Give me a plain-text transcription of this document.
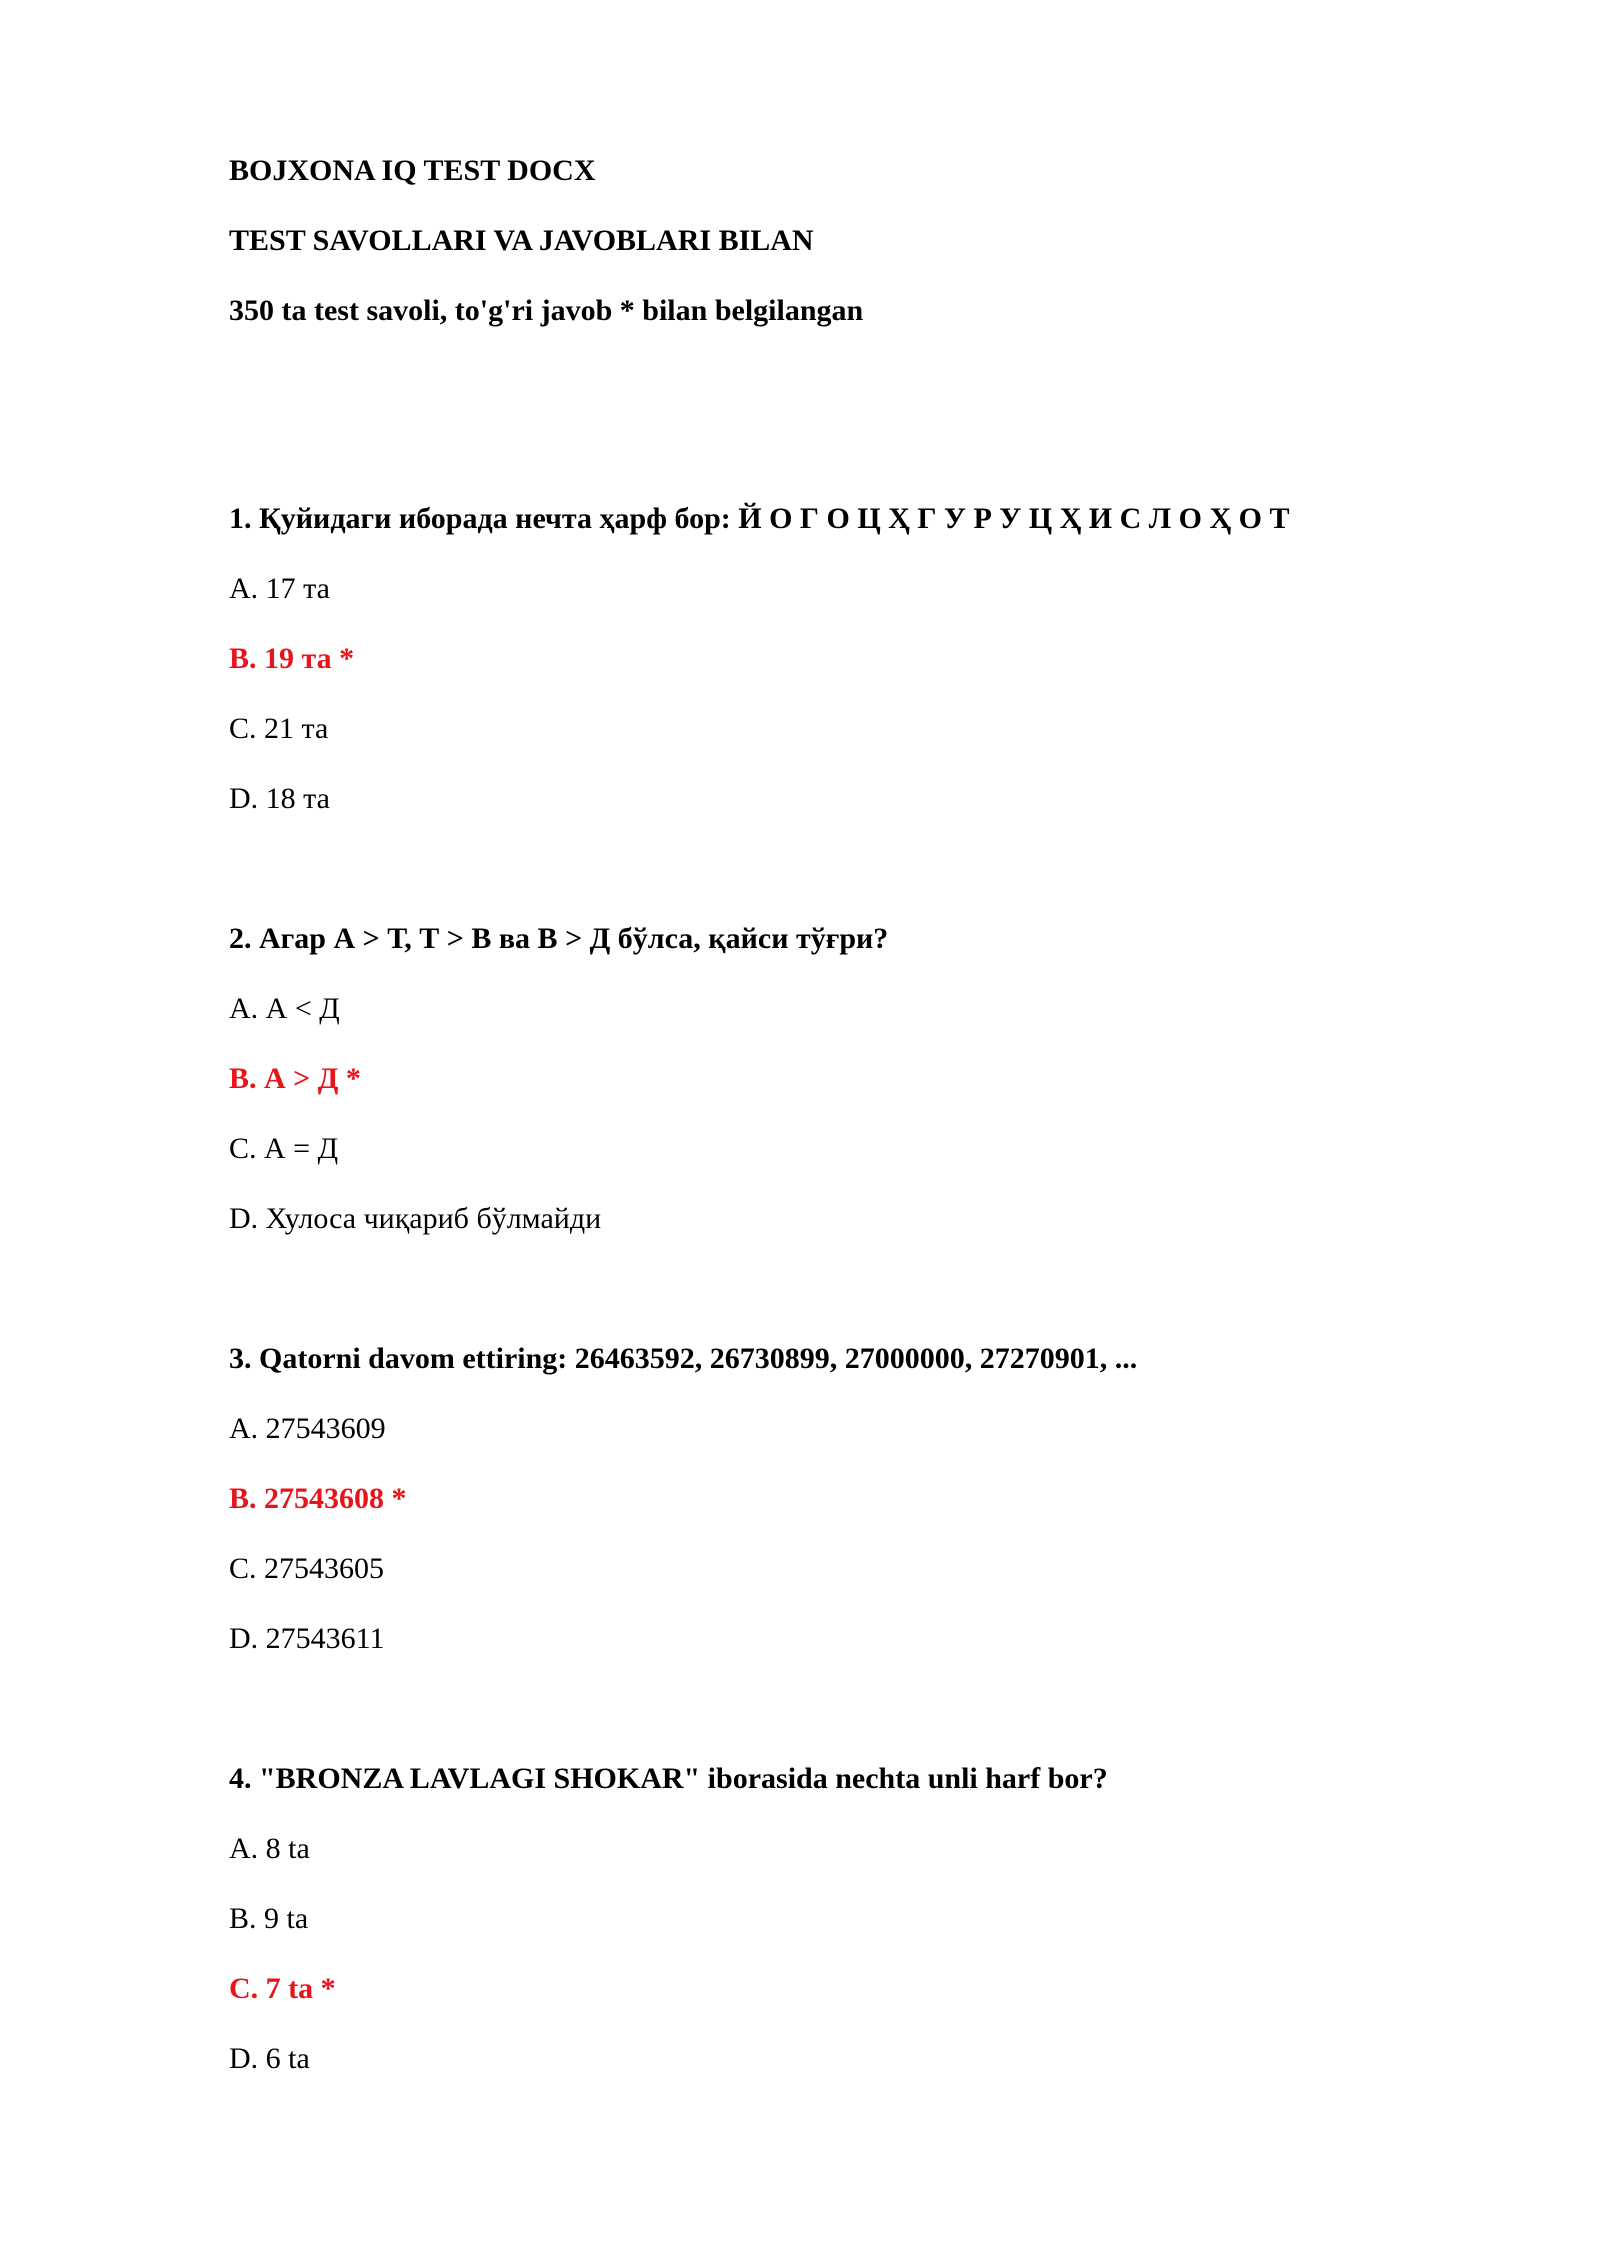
BOJXONA IQ TEST DOCX
TEST SAVOLLARI VA JAVOBLARI BILAN
350 ta test savoli, to'g'ri javob * bilan belgilangan
1. Қуйидаги иборада нечта ҳарф бор: Й О Г О Ц Ҳ Г У Р У Ц Ҳ И С Л О Ҳ О Т
A. 17 та
B. 19 та *
C. 21 та
D. 18 та
2. Агар А > Т, Т > В ва В > Д бўлса, қайси тўғри?
A. А < Д
B. А > Д *
C. А = Д
D. Хулоса чиқариб бўлмайди
3. Qatorni davom ettiring: 26463592, 26730899, 27000000, 27270901, ...
A. 27543609
B. 27543608 *
C. 27543605
D. 27543611
4. "BRONZA LAVLAGI SHOKAR" iborasida nechta unli harf bor?
A. 8 ta
B. 9 ta
C. 7 ta *
D. 6 ta
